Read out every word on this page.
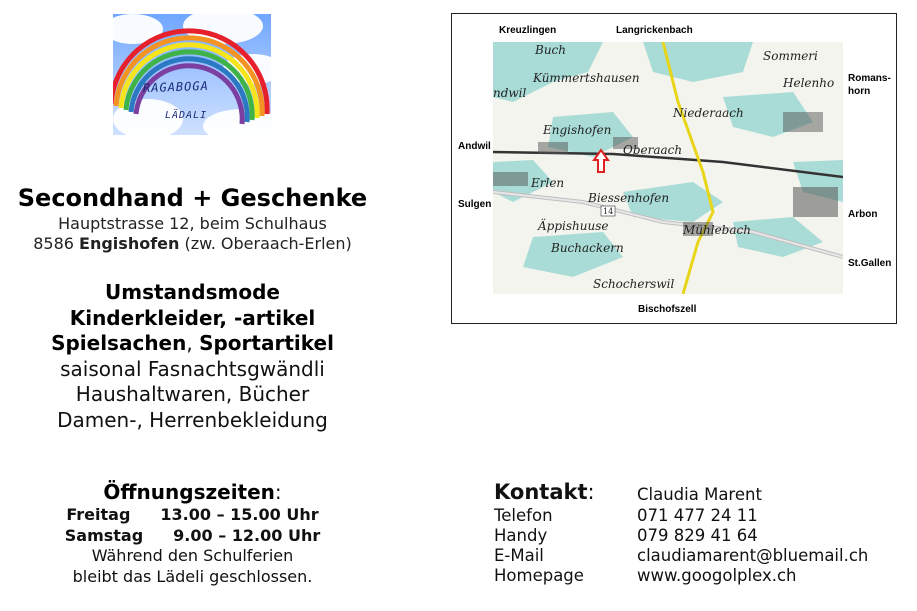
RAGABOGA
LÄDALI
Secondhand + Geschenke
Hauptstrasse 12, beim Schulhaus
8586 Engishofen (zw. Oberaach-Erlen)
Umstandsmode
Kinderkleider, -artikel
Spielsachen, Sportartikel
saisonal Fasnachtsgwändli
Haushaltwaren, Bücher
Damen-, Herrenbekleidung
Öffnungszeiten:
Freitag 13.00 – 15.00 Uhr
Samstag 9.00 – 12.00 Uhr
Während den Schulferien
bleibt das Lädeli geschlossen.
Kreuzlingen	Langrickenbach
Romans-
horn
Andwil
Sulgen
Arbon
St.Gallen
Bischofszell
Buch
Kümmertshausen
Sommeri
Helenho
Niederaach
Engishofen
Oberaach
Erlen
Biessenhofen
Äppishuuse	Mühlebach
Buchackern
Schocherswil
ndwil
14
Kontakt:	Claudia Marent
Telefon	071 477 24 11
Handy	079 829 41 64
E-Mail	claudiamarent@bluemail.ch
Homepage	www.googolplex.ch
